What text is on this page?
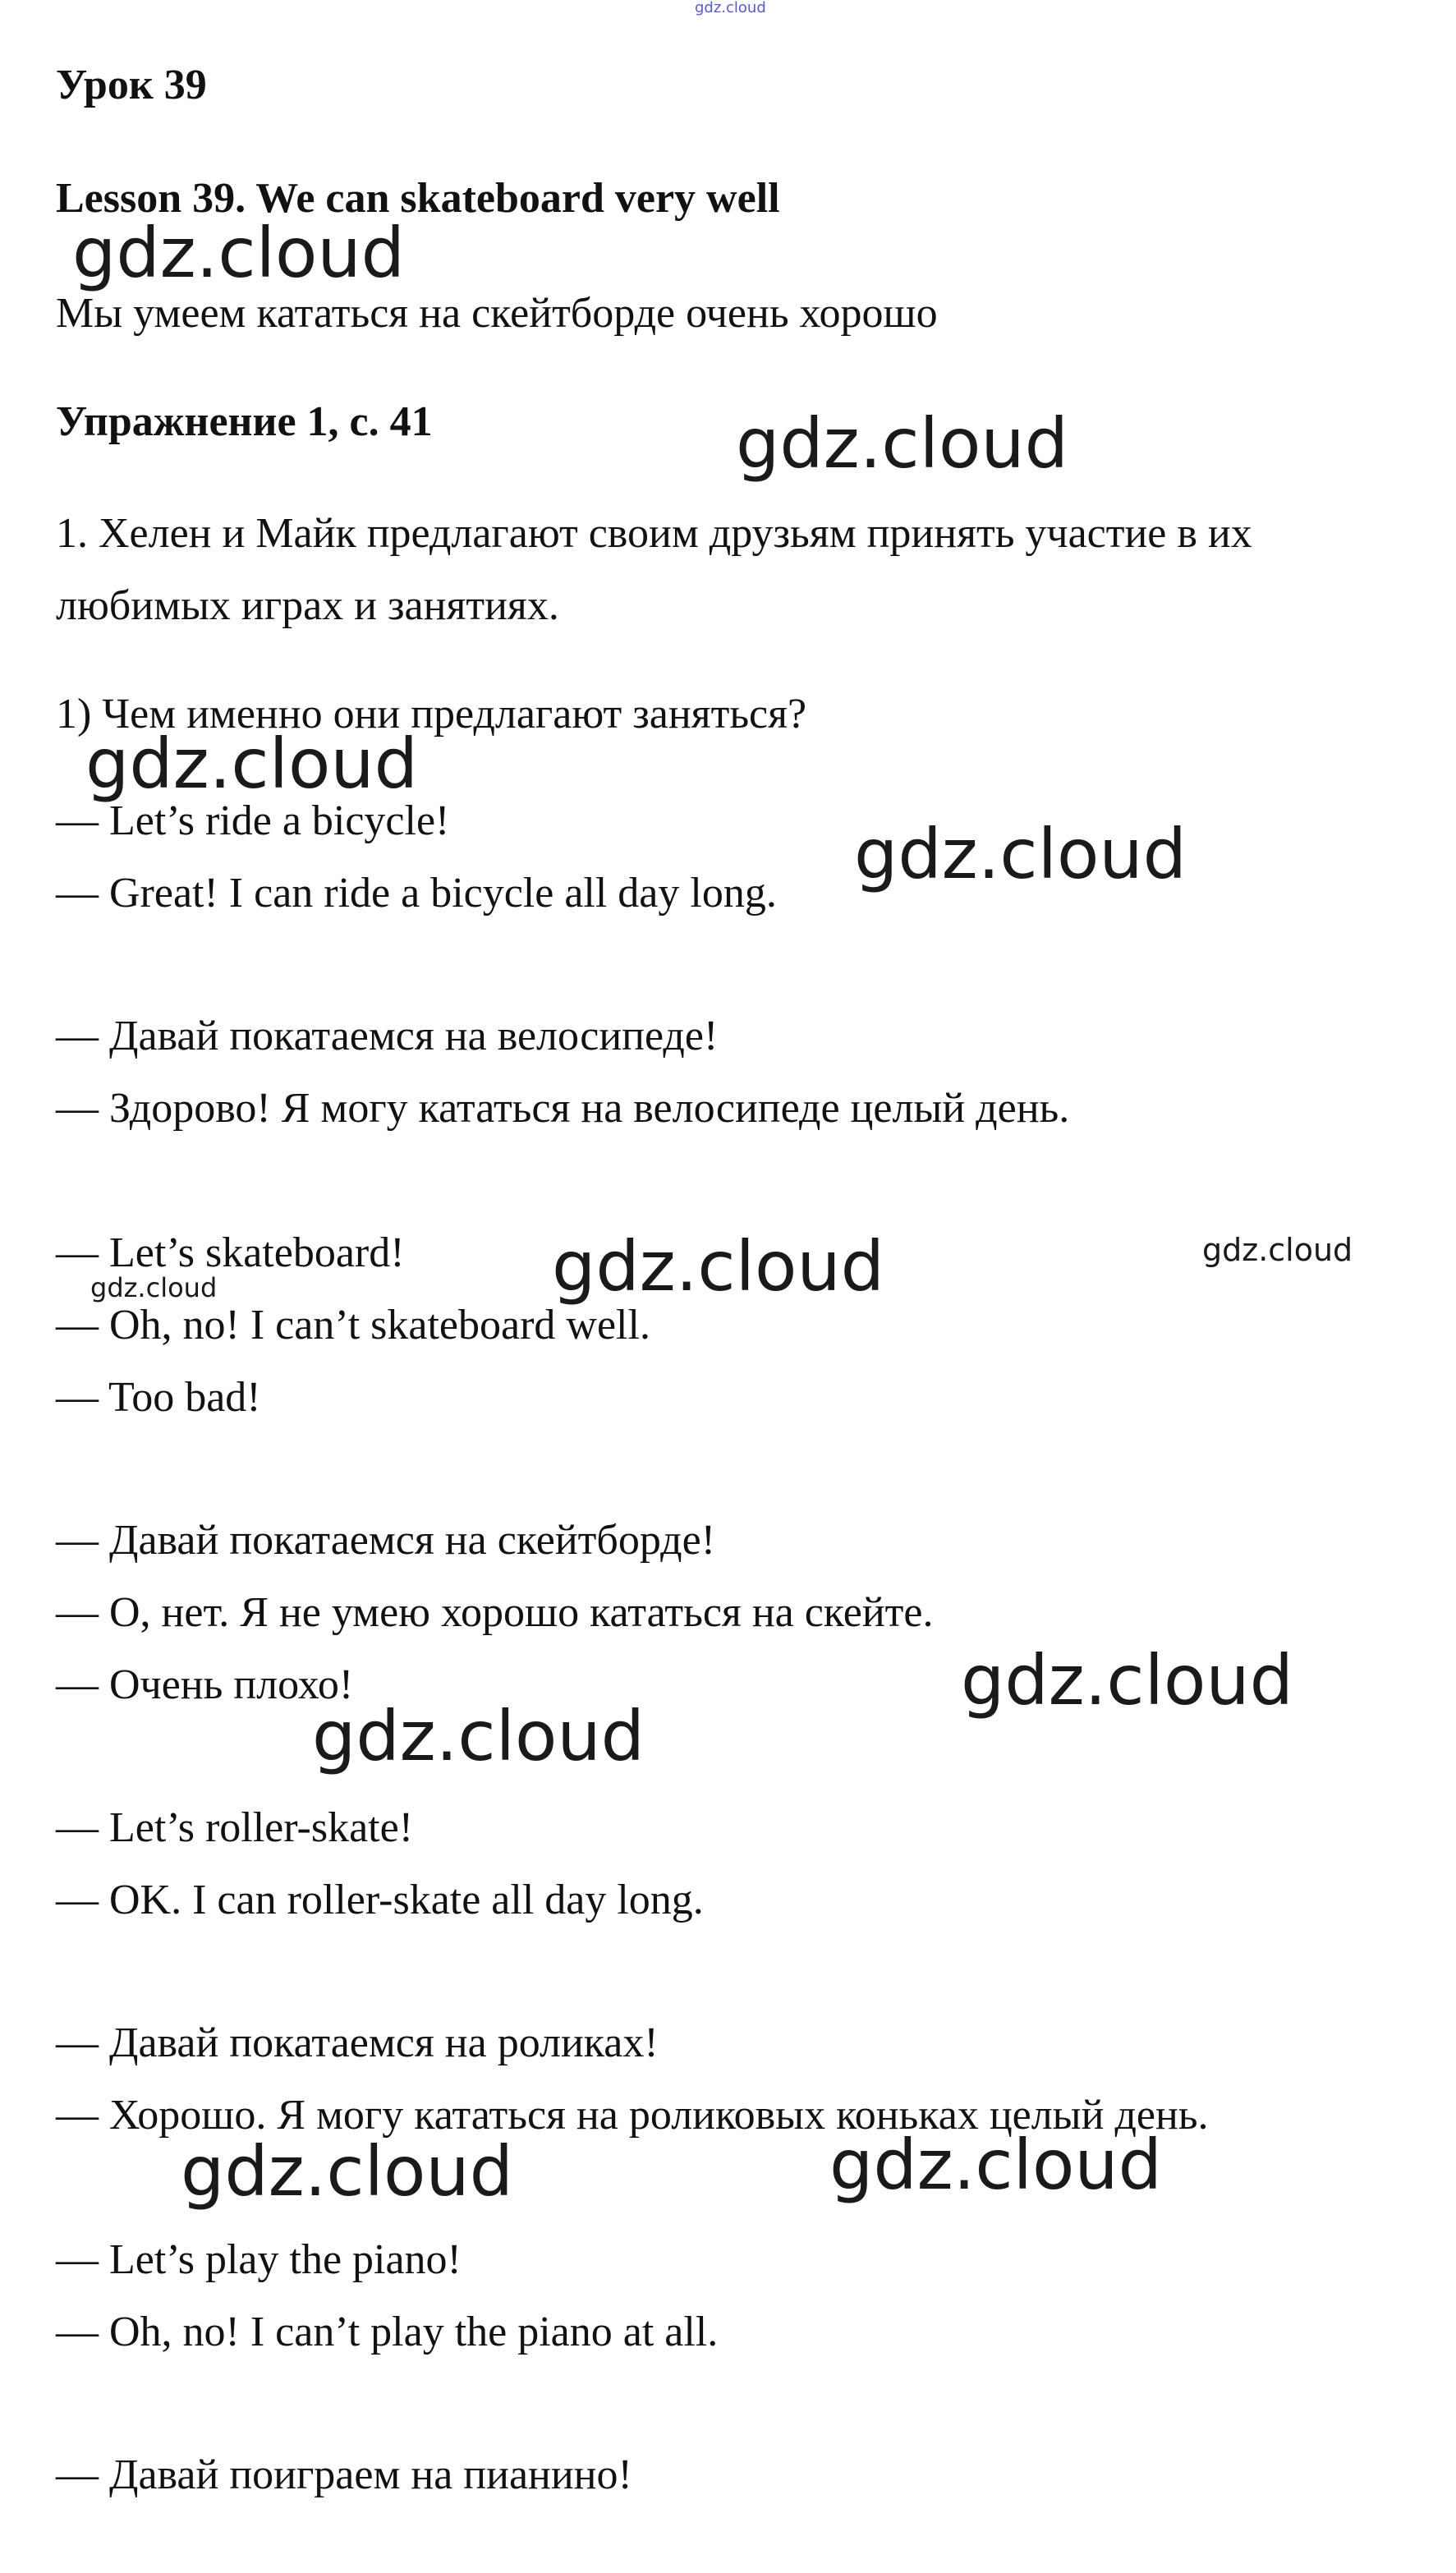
gdz.cloud
Урок 39
Lesson 39. We can skateboard very well
Мы умеем кататься на скейтборде очень хорошо
Упражнение 1, с. 41
1. Хелен и Майк предлагают своим друзьям принять участие в их
любимых играх и занятиях.
1) Чем именно они предлагают заняться?
— Let’s ride a bicycle!
— Great! I can ride a bicycle all day long.
— Давай покатаемся на велосипеде!
— Здорово! Я могу кататься на велосипеде целый день.
— Let’s skateboard!
— Oh, no! I can’t skateboard well.
— Too bad!
— Давай покатаемся на скейтборде!
— О, нет. Я не умею хорошо кататься на скейте.
— Очень плохо!
— Let’s roller-skate!
— OK. I can roller-skate all day long.
— Давай покатаемся на роликах!
— Хорошо. Я могу кататься на роликовых коньках целый день.
— Let’s play the piano!
— Oh, no! I can’t play the piano at all.
— Давай поиграем на пианино!
gdz.cloud
gdz.cloud
gdz.cloud
gdz.cloud
gdz.cloud	gdz.cloud
gdz.cloud
gdz.cloud
gdz.cloud
gdz.cloud	gdz.cloud
